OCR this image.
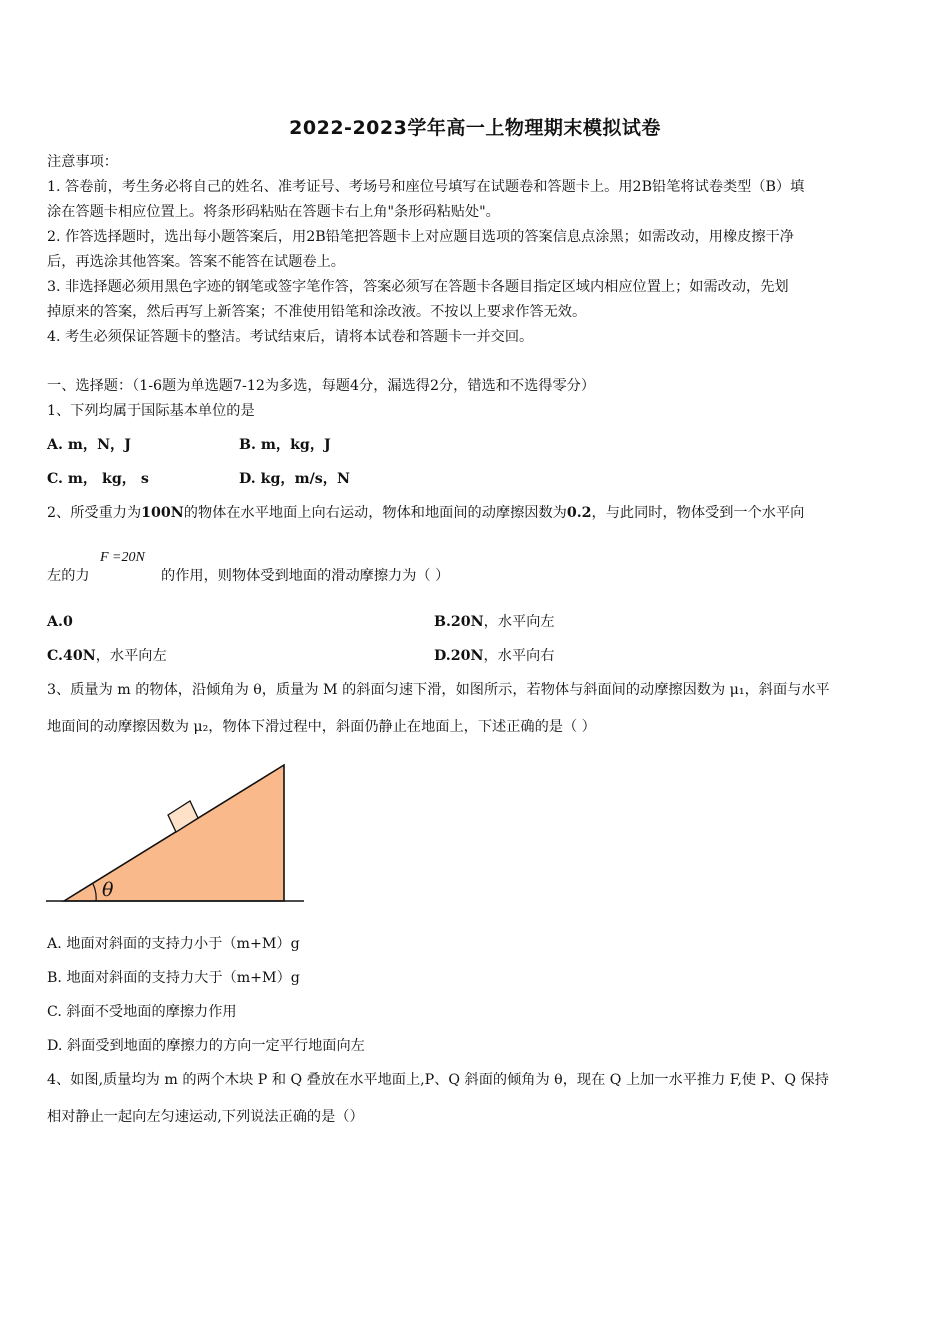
2022-2023学年高一上物理期末模拟试卷
注意事项：
1. 答卷前，考生务必将自己的姓名、准考证号、考场号和座位号填写在试题卷和答题卡上。用2B铅笔将试卷类型（B）填
涂在答题卡相应位置上。将条形码粘贴在答题卡右上角"条形码粘贴处"。
2. 作答选择题时，选出每小题答案后，用2B铅笔把答题卡上对应题目选项的答案信息点涂黑；如需改动，用橡皮擦干净
后，再选涂其他答案。答案不能答在试题卷上。
3. 非选择题必须用黑色字迹的钢笔或签字笔作答，答案必须写在答题卡各题目指定区域内相应位置上；如需改动，先划
掉原来的答案，然后再写上新答案；不准使用铅笔和涂改液。不按以上要求作答无效。
4. 考生必须保证答题卡的整洁。考试结束后，请将本试卷和答题卡一并交回。
一、选择题：（1-6题为单选题7-12为多选，每题4分，漏选得2分，错选和不选得零分）
1、下列均属于国际基本单位的是
A. m，N，J	B. m，kg，J
C. m， kg， s	D. kg，m/s，N
2、所受重力为100N的物体在水平地面上向右运动，物体和地面间的动摩擦因数为0.2，与此同时，物体受到一个水平向
F =20N
左的力	的作用，则物体受到地面的滑动摩擦力为（ ）
A.0	B.20N，水平向左
C.40N，水平向左	D.20N，水平向右
3、质量为 m 的物体，沿倾角为 θ，质量为 M 的斜面匀速下滑，如图所示，若物体与斜面间的动摩擦因数为 μ₁，斜面与水平
地面间的动摩擦因数为 μ₂，物体下滑过程中，斜面仍静止在地面上，下述正确的是（ ）
θ
A. 地面对斜面的支持力小于（m+M）g
B. 地面对斜面的支持力大于（m+M）g
C. 斜面不受地面的摩擦力作用
D. 斜面受到地面的摩擦力的方向一定平行地面向左
4、如图,质量均为 m 的两个木块 P 和 Q 叠放在水平地面上,P、Q 斜面的倾角为 θ，现在 Q 上加一水平推力 F,使 P、Q 保持
相对静止一起向左匀速运动,下列说法正确的是（）
